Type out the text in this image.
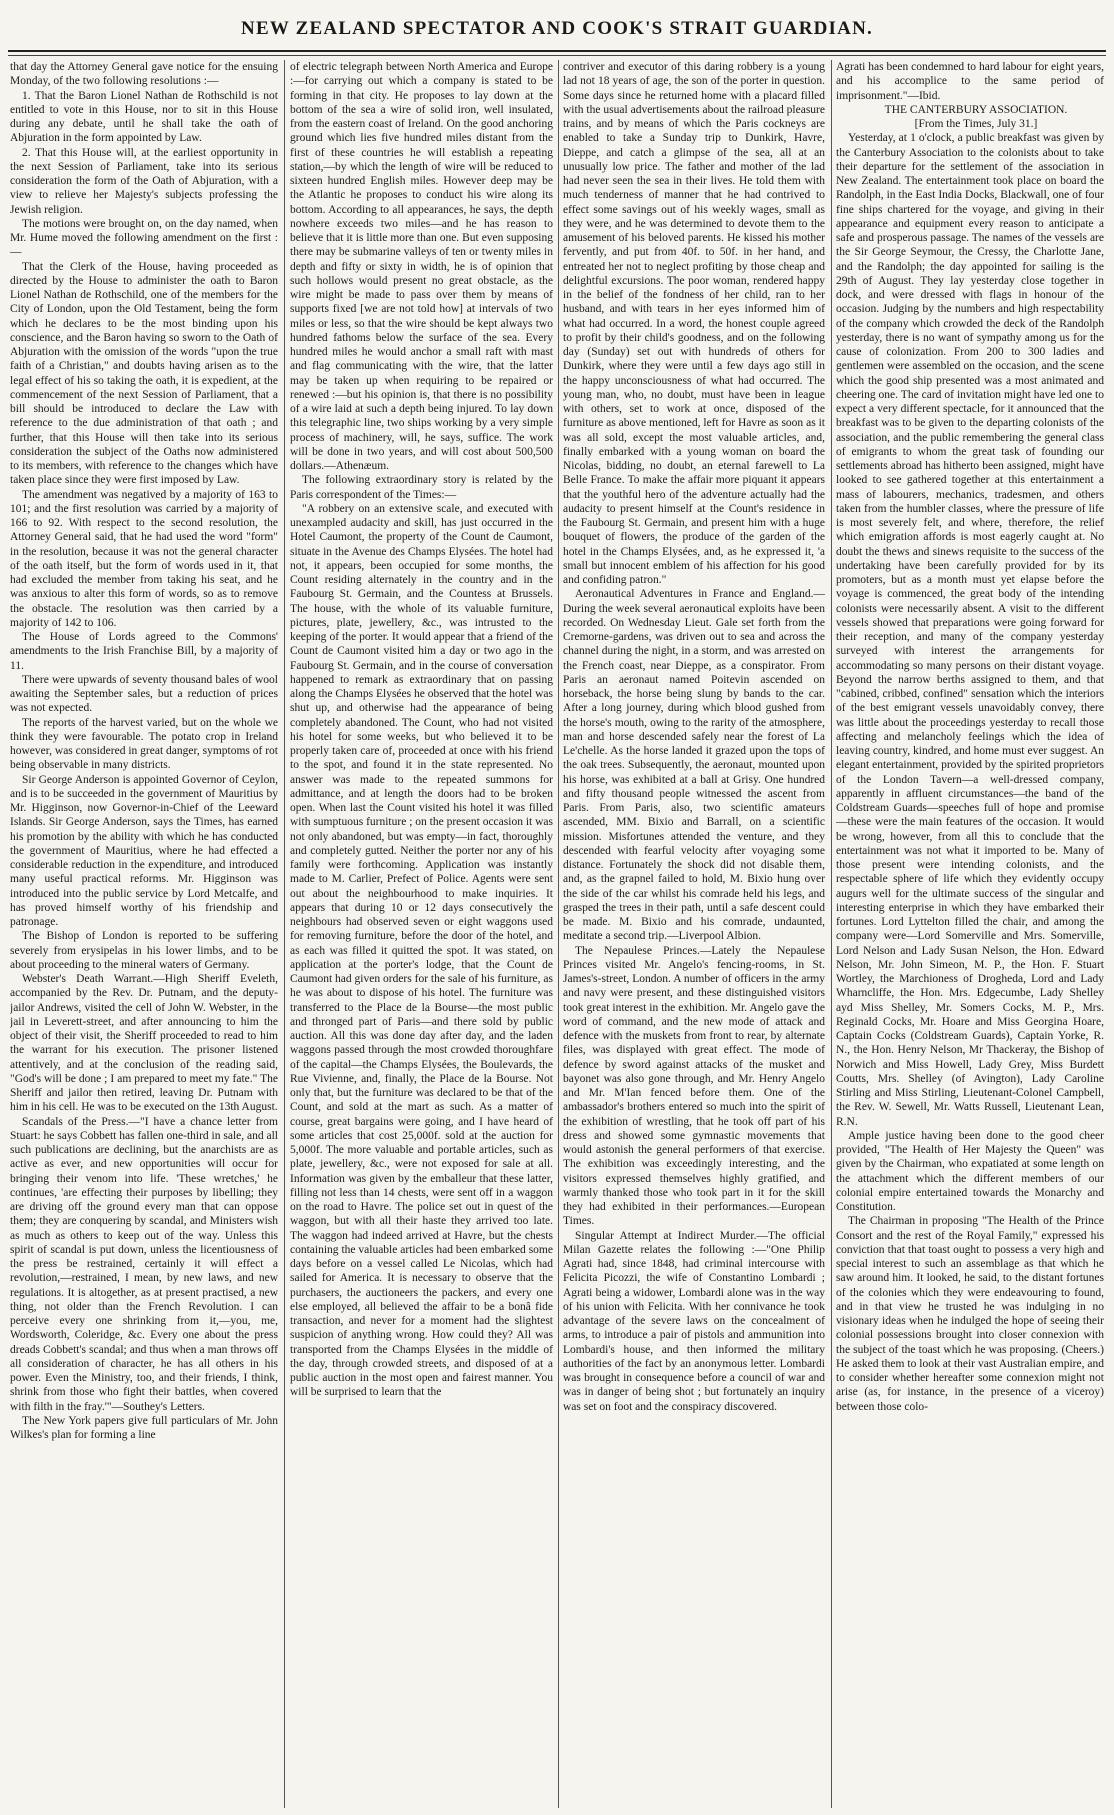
NEW ZEALAND SPECTATOR AND COOK'S STRAIT GUARDIAN.

that day the Attorney General gave notice for the ensuing Monday, of the two following resolutions :—

1. That the Baron Lionel Nathan de Rothschild is not entitled to vote in this House, nor to sit in this House during any debate, until he shall take the oath of Abjuration in the form appointed by Law.

2. That this House will, at the earliest opportunity in the next Session of Parliament, take into its serious consideration the form of the Oath of Abjuration, with a view to relieve her Majesty's subjects professing the Jewish religion.

The motions were brought on, on the day named, when Mr. Hume moved the following amendment on the first :—

That the Clerk of the House, having proceeded as directed by the House to administer the oath to Baron Lionel Nathan de Rothschild, one of the members for the City of London, upon the Old Testament, being the form which he declares to be the most binding upon his conscience, and the Baron having so sworn to the Oath of Abjuration with the omission of the words "upon the true faith of a Christian," and doubts having arisen as to the legal effect of his so taking the oath, it is expedient, at the commencement of the next Session of Parliament, that a bill should be introduced to declare the Law with reference to the due administration of that oath ; and further, that this House will then take into its serious consideration the subject of the Oaths now administered to its members, with reference to the changes which have taken place since they were first imposed by Law.

The amendment was negatived by a majority of 163 to 101; and the first resolution was carried by a majority of 166 to 92. With respect to the second resolution, the Attorney General said, that he had used the word "form" in the resolution, because it was not the general character of the oath itself, but the form of words used in it, that had excluded the member from taking his seat, and he was anxious to alter this form of words, so as to remove the obstacle. The resolution was then carried by a majority of 142 to 106.

The House of Lords agreed to the Commons' amendments to the Irish Franchise Bill, by a majority of 11.

There were upwards of seventy thousand bales of wool awaiting the September sales, but a reduction of prices was not expected.

The reports of the harvest varied, but on the whole we think they were favourable. The potato crop in Ireland however, was considered in great danger, symptoms of rot being observable in many districts.

Sir George Anderson is appointed Governor of Ceylon, and is to be succeeded in the government of Mauritius by Mr. Higginson, now Governor-in-Chief of the Leeward Islands. Sir George Anderson, says the Times, has earned his promotion by the ability with which he has conducted the government of Mauritius, where he had effected a considerable reduction in the expenditure, and introduced many useful practical reforms. Mr. Higginson was introduced into the public service by Lord Metcalfe, and has proved himself worthy of his friendship and patronage.

The Bishop of London is reported to be suffering severely from erysipelas in his lower limbs, and to be about proceeding to the mineral waters of Germany.

Webster's Death Warrant.—High Sheriff Eveleth, accompanied by the Rev. Dr. Putnam, and the deputy-jailor Andrews, visited the cell of John W. Webster, in the jail in Leverett-street, and after announcing to him the object of their visit, the Sheriff proceeded to read to him the warrant for his execution. The prisoner listened attentively, and at the conclusion of the reading said, "God's will be done ; I am prepared to meet my fate." The Sheriff and jailor then retired, leaving Dr. Putnam with him in his cell. He was to be executed on the 13th August.

Scandals of the Press.—"I have a chance letter from Stuart: he says Cobbett has fallen one-third in sale, and all such publications are declining, but the anarchists are as active as ever, and new opportunities will occur for bringing their venom into life. 'These wretches,' he continues, 'are effecting their purposes by libelling; they are driving off the ground every man that can oppose them; they are conquering by scandal, and Ministers wish as much as others to keep out of the way. Unless this spirit of scandal is put down, unless the licentiousness of the press be restrained, certainly it will effect a revolution,—restrained, I mean, by new laws, and new regulations. It is altogether, as at present practised, a new thing, not older than the French Revolution. I can perceive every one shrinking from it,—you, me, Wordsworth, Coleridge, &c. Every one about the press dreads Cobbett's scandal; and thus when a man throws off all consideration of character, he has all others in his power. Even the Ministry, too, and their friends, I think, shrink from those who fight their battles, when covered with filth in the fray.'"—Southey's Letters.

The New York papers give full particulars of Mr. John Wilkes's plan for forming a line

of electric telegraph between North America and Europe :—for carrying out which a company is stated to be forming in that city. He proposes to lay down at the bottom of the sea a wire of solid iron, well insulated, from the eastern coast of Ireland. On the good anchoring ground which lies five hundred miles distant from the first of these countries he will establish a repeating station,—by which the length of wire will be reduced to sixteen hundred English miles. However deep may be the Atlantic he proposes to conduct his wire along its bottom. According to all appearances, he says, the depth nowhere exceeds two miles—and he has reason to believe that it is little more than one. But even supposing there may be submarine valleys of ten or twenty miles in depth and fifty or sixty in width, he is of opinion that such hollows would present no great obstacle, as the wire might be made to pass over them by means of supports fixed [we are not told how] at intervals of two miles or less, so that the wire should be kept always two hundred fathoms below the surface of the sea. Every hundred miles he would anchor a small raft with mast and flag communicating with the wire, that the latter may be taken up when requiring to be repaired or renewed :—but his opinion is, that there is no possibility of a wire laid at such a depth being injured. To lay down this telegraphic line, two ships working by a very simple process of machinery, will, he says, suffice. The work will be done in two years, and will cost about 500,500 dollars.—Athenæum.

The following extraordinary story is related by the Paris correspondent of the Times:—

"A robbery on an extensive scale, and executed with unexampled audacity and skill, has just occurred in the Hotel Caumont, the property of the Count de Caumont, situate in the Avenue des Champs Elysées. The hotel had not, it appears, been occupied for some months, the Count residing alternately in the country and in the Faubourg St. Germain, and the Countess at Brussels. The house, with the whole of its valuable furniture, pictures, plate, jewellery, &c., was intrusted to the keeping of the porter. It would appear that a friend of the Count de Caumont visited him a day or two ago in the Faubourg St. Germain, and in the course of conversation happened to remark as extraordinary that on passing along the Champs Elysées he observed that the hotel was shut up, and otherwise had the appearance of being completely abandoned. The Count, who had not visited his hotel for some weeks, but who believed it to be properly taken care of, proceeded at once with his friend to the spot, and found it in the state represented. No answer was made to the repeated summons for admittance, and at length the doors had to be broken open. When last the Count visited his hotel it was filled with sumptuous furniture ; on the present occasion it was not only abandoned, but was empty—in fact, thoroughly and completely gutted. Neither the porter nor any of his family were forthcoming. Application was instantly made to M. Carlier, Prefect of Police. Agents were sent out about the neighbourhood to make inquiries. It appears that during 10 or 12 days consecutively the neighbours had observed seven or eight waggons used for removing furniture, before the door of the hotel, and as each was filled it quitted the spot. It was stated, on application at the porter's lodge, that the Count de Caumont had given orders for the sale of his furniture, as he was about to dispose of his hotel. The furniture was transferred to the Place de la Bourse—the most public and thronged part of Paris—and there sold by public auction. All this was done day after day, and the laden waggons passed through the most crowded thoroughfare of the capital—the Champs Elysées, the Boulevards, the Rue Vivienne, and, finally, the Place de la Bourse. Not only that, but the furniture was declared to be that of the Count, and sold at the mart as such. As a matter of course, great bargains were going, and I have heard of some articles that cost 25,000f. sold at the auction for 5,000f. The more valuable and portable articles, such as plate, jewellery, &c., were not exposed for sale at all. Information was given by the emballeur that these latter, filling not less than 14 chests, were sent off in a waggon on the road to Havre. The police set out in quest of the waggon, but with all their haste they arrived too late. The waggon had indeed arrived at Havre, but the chests containing the valuable articles had been embarked some days before on a vessel called Le Nicolas, which had sailed for America. It is necessary to observe that the purchasers, the auctioneers the packers, and every one else employed, all believed the affair to be a bonâ fide transaction, and never for a moment had the slightest suspicion of anything wrong. How could they? All was transported from the Champs Elysées in the middle of the day, through crowded streets, and disposed of at a public auction in the most open and fairest manner. You will be surprised to learn that the

contriver and executor of this daring robbery is a young lad not 18 years of age, the son of the porter in question. Some days since he returned home with a placard filled with the usual advertisements about the railroad pleasure trains, and by means of which the Paris cockneys are enabled to take a Sunday trip to Dunkirk, Havre, Dieppe, and catch a glimpse of the sea, all at an unusually low price. The father and mother of the lad had never seen the sea in their lives. He told them with much tenderness of manner that he had contrived to effect some savings out of his weekly wages, small as they were, and he was determined to devote them to the amusement of his beloved parents. He kissed his mother fervently, and put from 40f. to 50f. in her hand, and entreated her not to neglect profiting by those cheap and delightful excursions. The poor woman, rendered happy in the belief of the fondness of her child, ran to her husband, and with tears in her eyes informed him of what had occurred. In a word, the honest couple agreed to profit by their child's goodness, and on the following day (Sunday) set out with hundreds of others for Dunkirk, where they were until a few days ago still in the happy unconsciousness of what had occurred. The young man, who, no doubt, must have been in league with others, set to work at once, disposed of the furniture as above mentioned, left for Havre as soon as it was all sold, except the most valuable articles, and, finally embarked with a young woman on board the Nicolas, bidding, no doubt, an eternal farewell to La Belle France. To make the affair more piquant it appears that the youthful hero of the adventure actually had the audacity to present himself at the Count's residence in the Faubourg St. Germain, and present him with a huge bouquet of flowers, the produce of the garden of the hotel in the Champs Elysées, and, as he expressed it, 'a small but innocent emblem of his affection for his good and confiding patron."

Aeronautical Adventures in France and England.—During the week several aeronautical exploits have been recorded. On Wednesday Lieut. Gale set forth from the Cremorne-gardens, was driven out to sea and across the channel during the night, in a storm, and was arrested on the French coast, near Dieppe, as a conspirator. From Paris an aeronaut named Poitevin ascended on horseback, the horse being slung by bands to the car. After a long journey, during which blood gushed from the horse's mouth, owing to the rarity of the atmosphere, man and horse descended safely near the forest of La Le'chelle. As the horse landed it grazed upon the tops of the oak trees. Subsequently, the aeronaut, mounted upon his horse, was exhibited at a ball at Grisy. One hundred and fifty thousand people witnessed the ascent from Paris. From Paris, also, two scientific amateurs ascended, MM. Bixio and Barrall, on a scientific mission. Misfortunes attended the venture, and they descended with fearful velocity after voyaging some distance. Fortunately the shock did not disable them, and, as the grapnel failed to hold, M. Bixio hung over the side of the car whilst his comrade held his legs, and grasped the trees in their path, until a safe descent could be made. M. Bixio and his comrade, undaunted, meditate a second trip.—Liverpool Albion.

The Nepaulese Princes.—Lately the Nepaulese Princes visited Mr. Angelo's fencing-rooms, in St. James's-street, London. A number of officers in the army and navy were present, and these distinguished visitors took great interest in the exhibition. Mr. Angelo gave the word of command, and the new mode of attack and defence with the muskets from front to rear, by alternate files, was displayed with great effect. The mode of defence by sword against attacks of the musket and bayonet was also gone through, and Mr. Henry Angelo and Mr. M'Ian fenced before them. One of the ambassador's brothers entered so much into the spirit of the exhibition of wrestling, that he took off part of his dress and showed some gymnastic movements that would astonish the general performers of that exercise. The exhibition was exceedingly interesting, and the visitors expressed themselves highly gratified, and warmly thanked those who took part in it for the skill they had exhibited in their performances.—European Times.

Singular Attempt at Indirect Murder.—The official Milan Gazette relates the following :—"One Philip Agrati had, since 1848, had criminal intercourse with Felicita Picozzi, the wife of Constantino Lombardi ; Agrati being a widower, Lombardi alone was in the way of his union with Felicita. With her connivance he took advantage of the severe laws on the concealment of arms, to introduce a pair of pistols and ammunition into Lombardi's house, and then informed the military authorities of the fact by an anonymous letter. Lombardi was brought in consequence before a council of war and was in danger of being shot ; but fortunately an inquiry was set on foot and the conspiracy discovered.

Agrati has been condemned to hard labour for eight years, and his accomplice to the same period of imprisonment."—Ibid.

THE CANTERBURY ASSOCIATION.

[From the Times, July 31.]

Yesterday, at 1 o'clock, a public breakfast was given by the Canterbury Association to the colonists about to take their departure for the settlement of the association in New Zealand. The entertainment took place on board the Randolph, in the East India Docks, Blackwall, one of four fine ships chartered for the voyage, and giving in their appearance and equipment every reason to anticipate a safe and prosperous passage. The names of the vessels are the Sir George Seymour, the Cressy, the Charlotte Jane, and the Randolph; the day appointed for sailing is the 29th of August. They lay yesterday close together in dock, and were dressed with flags in honour of the occasion. Judging by the numbers and high respectability of the company which crowded the deck of the Randolph yesterday, there is no want of sympathy among us for the cause of colonization. From 200 to 300 ladies and gentlemen were assembled on the occasion, and the scene which the good ship presented was a most animated and cheering one. The card of invitation might have led one to expect a very different spectacle, for it announced that the breakfast was to be given to the departing colonists of the association, and the public remembering the general class of emigrants to whom the great task of founding our settlements abroad has hitherto been assigned, might have looked to see gathered together at this entertainment a mass of labourers, mechanics, tradesmen, and others taken from the humbler classes, where the pressure of life is most severely felt, and where, therefore, the relief which emigration affords is most eagerly caught at. No doubt the thews and sinews requisite to the success of the undertaking have been carefully provided for by its promoters, but as a month must yet elapse before the voyage is commenced, the great body of the intending colonists were necessarily absent. A visit to the different vessels showed that preparations were going forward for their reception, and many of the company yesterday surveyed with interest the arrangements for accommodating so many persons on their distant voyage. Beyond the narrow berths assigned to them, and that "cabined, cribbed, confined" sensation which the interiors of the best emigrant vessels unavoidably convey, there was little about the proceedings yesterday to recall those affecting and melancholy feelings which the idea of leaving country, kindred, and home must ever suggest. An elegant entertainment, provided by the spirited proprietors of the London Tavern—a well-dressed company, apparently in affluent circumstances—the band of the Coldstream Guards—speeches full of hope and promise—these were the main features of the occasion. It would be wrong, however, from all this to conclude that the entertainment was not what it imported to be. Many of those present were intending colonists, and the respectable sphere of life which they evidently occupy augurs well for the ultimate success of the singular and interesting enterprise in which they have embarked their fortunes. Lord Lyttelton filled the chair, and among the company were—Lord Somerville and Mrs. Somerville, Lord Nelson and Lady Susan Nelson, the Hon. Edward Nelson, Mr. John Simeon, M. P., the Hon. F. Stuart Wortley, the Marchioness of Drogheda, Lord and Lady Wharncliffe, the Hon. Mrs. Edgecumbe, Lady Shelley ayd Miss Shelley, Mr. Somers Cocks, M. P., Mrs. Reginald Cocks, Mr. Hoare and Miss Georgina Hoare, Captain Cocks (Coldstream Guards), Captain Yorke, R. N., the Hon. Henry Nelson, Mr Thackeray, the Bishop of Norwich and Miss Howell, Lady Grey, Miss Burdett Coutts, Mrs. Shelley (of Avington), Lady Caroline Stirling and Miss Stirling, Lieutenant-Colonel Campbell, the Rev. W. Sewell, Mr. Watts Russell, Lieutenant Lean, R.N.

Ample justice having been done to the good cheer provided, "The Health of Her Majesty the Queen" was given by the Chairman, who expatiated at some length on the attachment which the different members of our colonial empire entertained towards the Monarchy and Constitution.

The Chairman in proposing "The Health of the Prince Consort and the rest of the Royal Family," expressed his conviction that that toast ought to possess a very high and special interest to such an assemblage as that which he saw around him. It looked, he said, to the distant fortunes of the colonies which they were endeavouring to found, and in that view he trusted he was indulging in no visionary ideas when he indulged the hope of seeing their colonial possessions brought into closer connexion with the subject of the toast which he was proposing. (Cheers.) He asked them to look at their vast Australian empire, and to consider whether hereafter some connexion might not arise (as, for instance, in the presence of a viceroy) between those colo-
